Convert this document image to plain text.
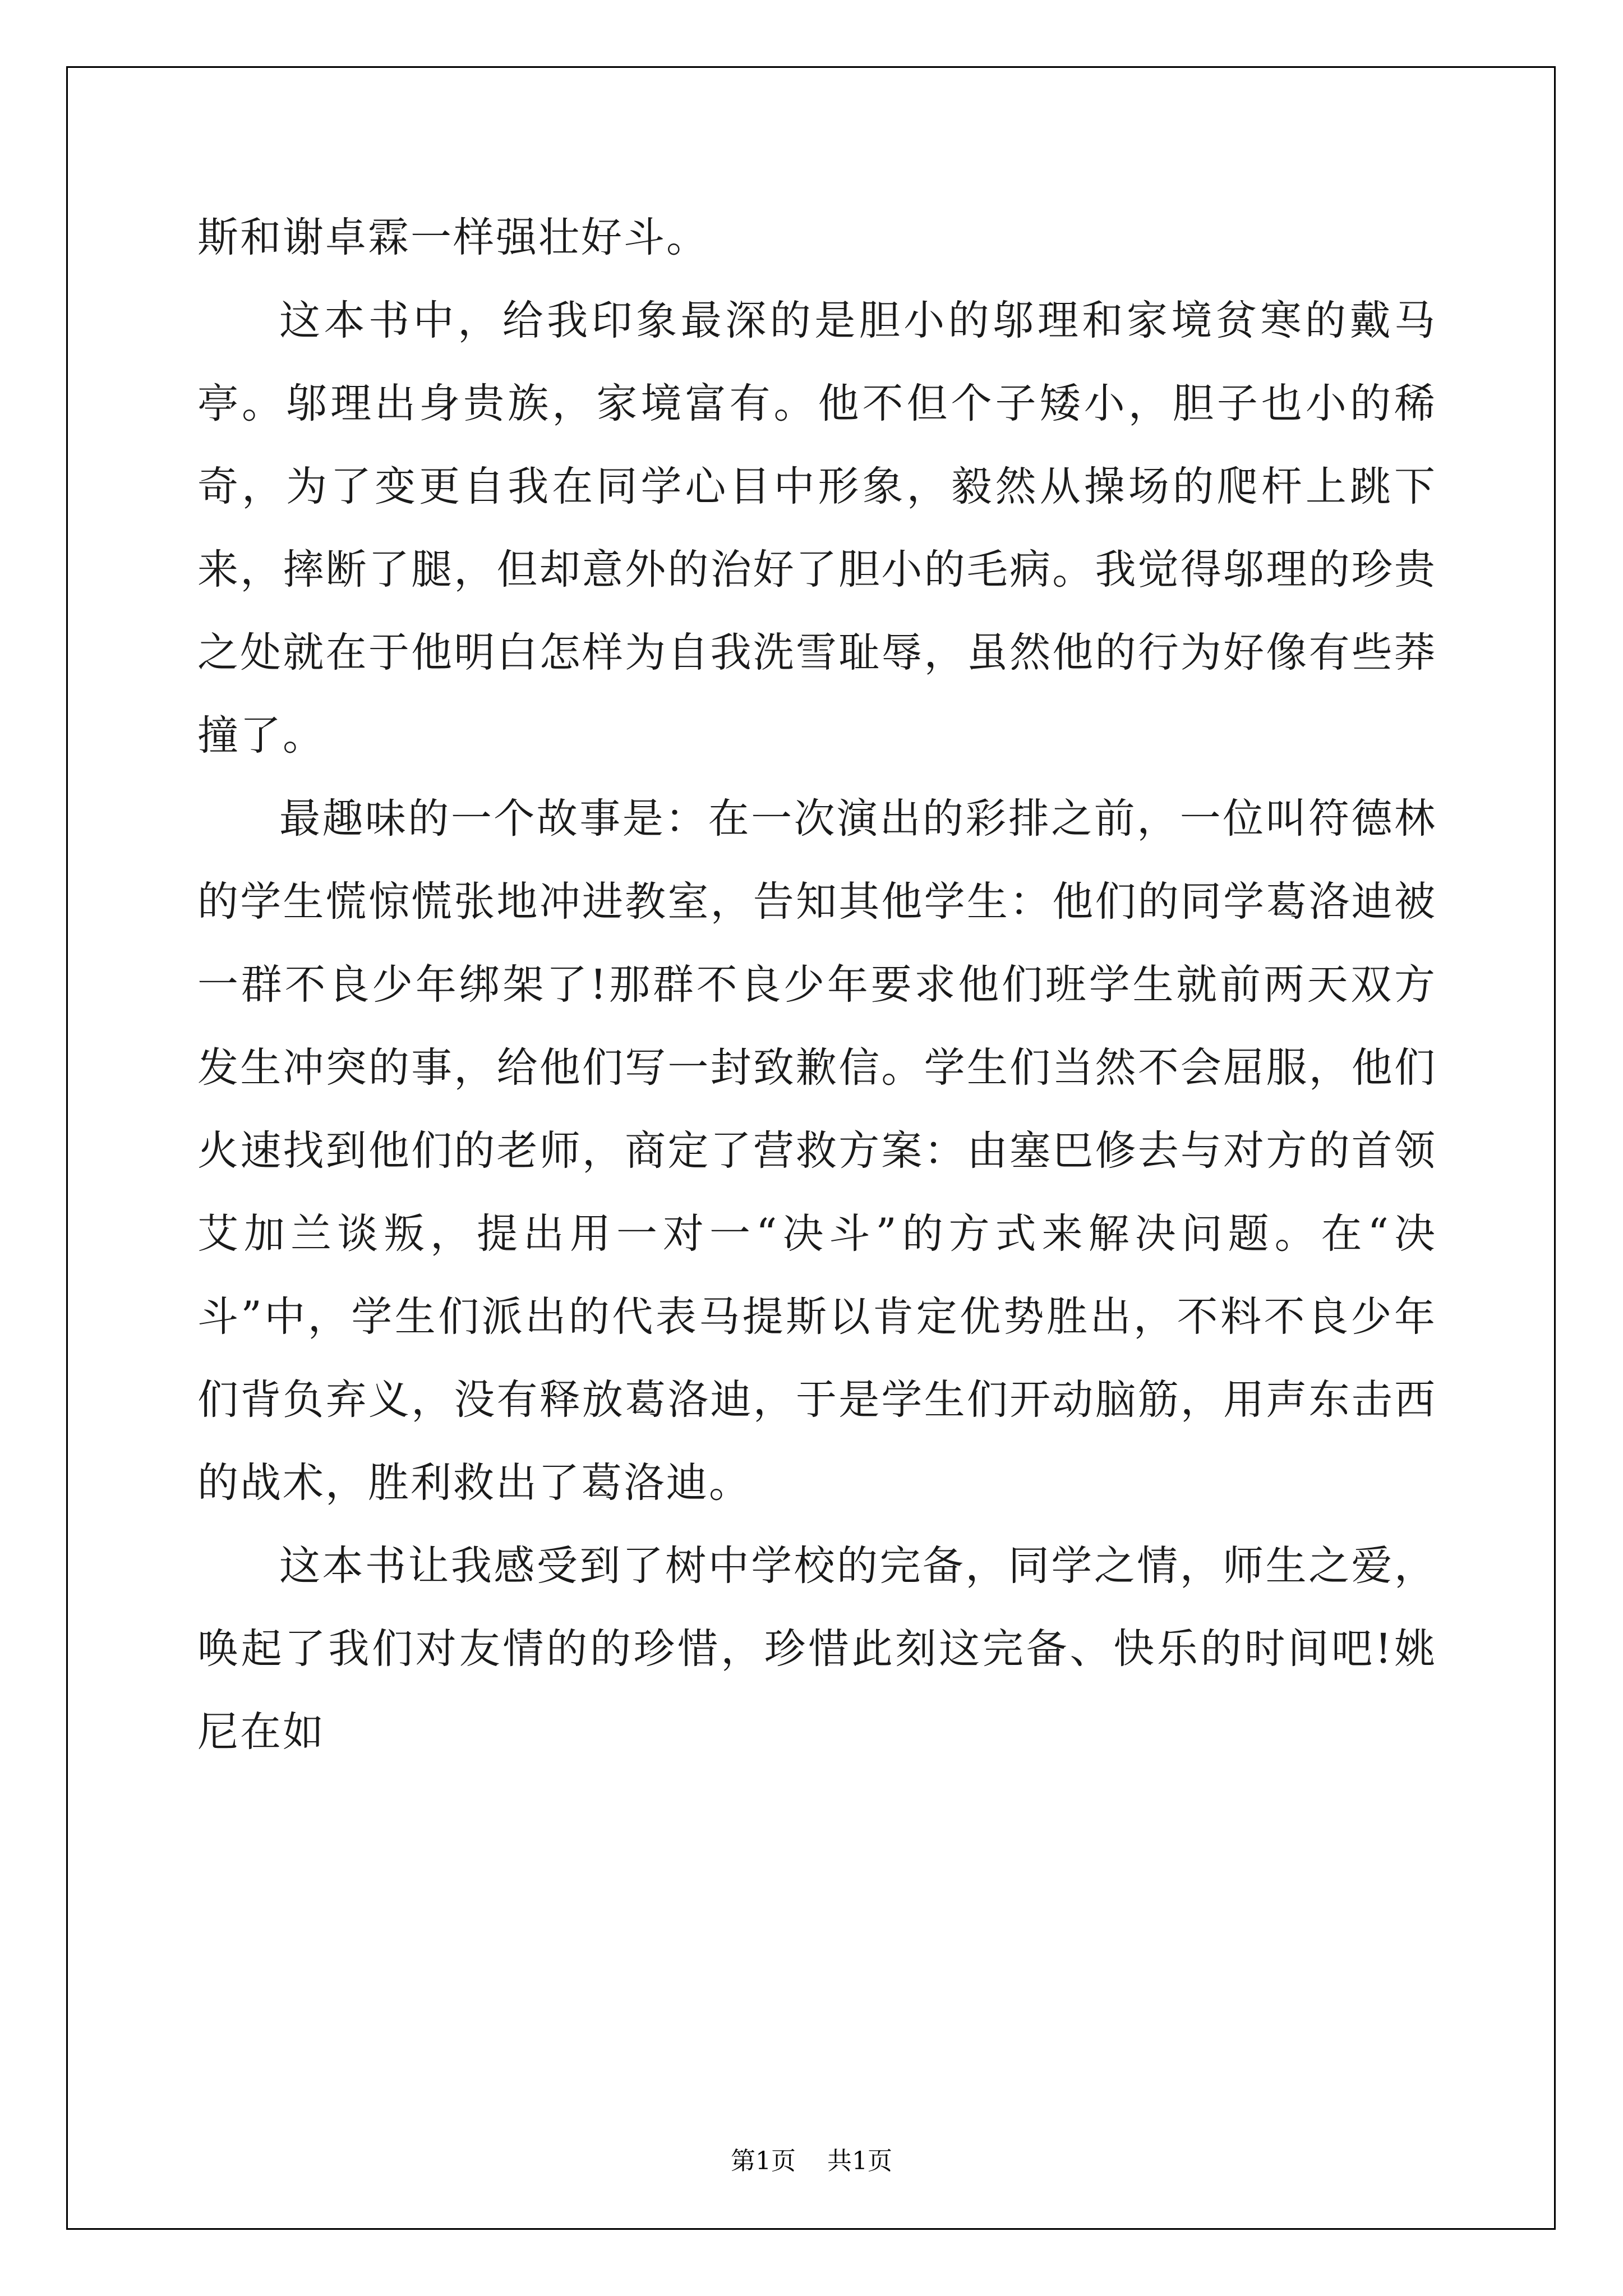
斯和谢卓霖一样强壮好斗。

这本书中，给我印象最深的是胆小的邬理和家境贫寒的戴马亭。邬理出身贵族，家境富有。他不但个子矮小，胆子也小的稀奇，为了变更自我在同学心目中形象，毅然从操场的爬杆上跳下来，摔断了腿，但却意外的治好了胆小的毛病。我觉得邬理的珍贵之处就在于他明白怎样为自我洗雪耻辱，虽然他的行为好像有些莽撞了。

最趣味的一个故事是：在一次演出的彩排之前，一位叫符德林的学生慌惊慌张地冲进教室，告知其他学生：他们的同学葛洛迪被一群不良少年绑架了!那群不良少年要求他们班学生就前两天双方发生冲突的事，给他们写一封致歉信。学生们当然不会屈服，他们火速找到他们的老师，商定了营救方案：由塞巴修去与对方的首领艾加兰谈叛，提出用一对一“决斗”的方式来解决问题。在“决斗”中，学生们派出的代表马提斯以肯定优势胜出，不料不良少年们背负弃义，没有释放葛洛迪，于是学生们开动脑筋，用声东击西的战术，胜利救出了葛洛迪。

这本书让我感受到了树中学校的完备，同学之情，师生之爱，唤起了我们对友情的的珍惜，珍惜此刻这完备、快乐的时间吧!姚尼在如

第1页 共1页
